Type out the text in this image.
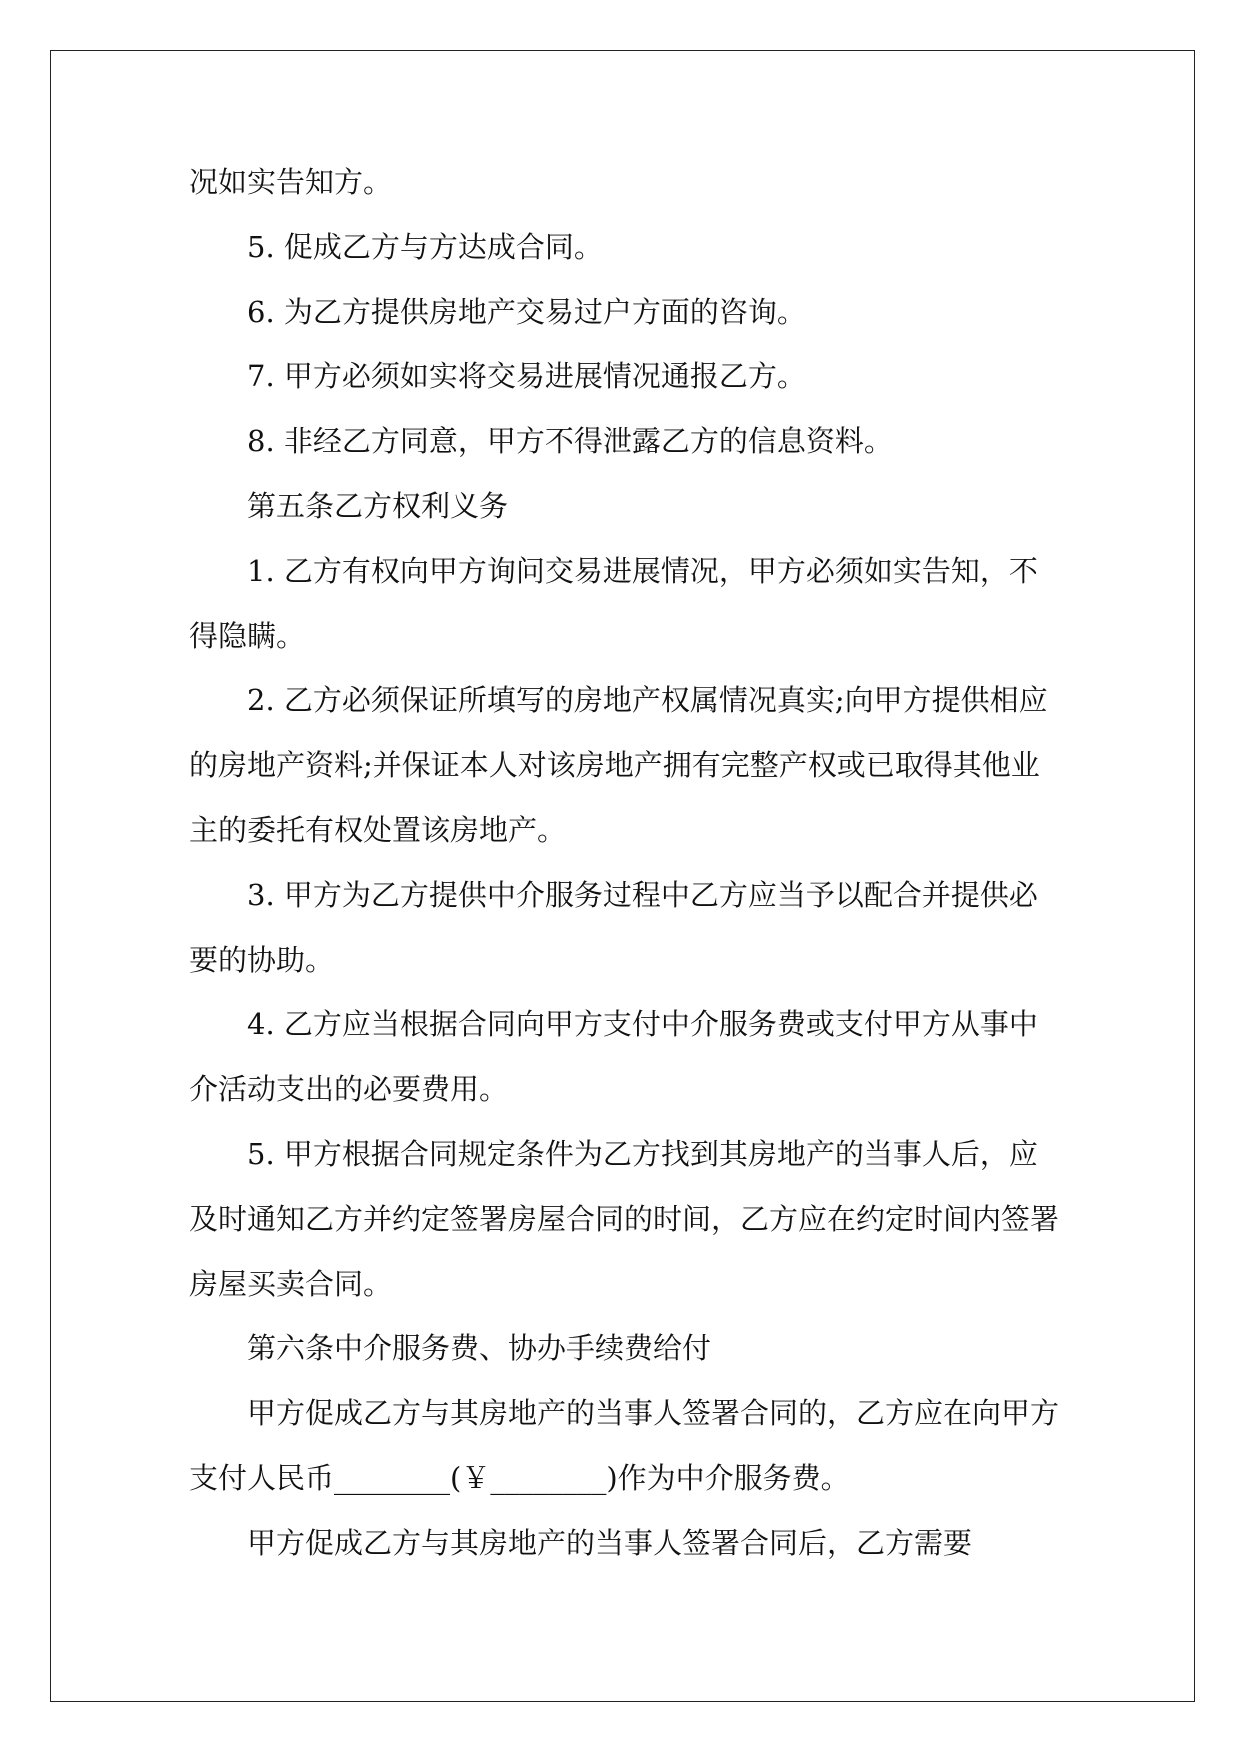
况如实告知方。

5. 促成乙方与方达成合同。

6. 为乙方提供房地产交易过户方面的咨询。

7. 甲方必须如实将交易进展情况通报乙方。

8. 非经乙方同意，甲方不得泄露乙方的信息资料。

第五条乙方权利义务

1. 乙方有权向甲方询问交易进展情况，甲方必须如实告知，不得隐瞒。

2. 乙方必须保证所填写的房地产权属情况真实;向甲方提供相应的房地产资料;并保证本人对该房地产拥有完整产权或已取得其他业主的委托有权处置该房地产。

3. 甲方为乙方提供中介服务过程中乙方应当予以配合并提供必要的协助。

4. 乙方应当根据合同向甲方支付中介服务费或支付甲方从事中介活动支出的必要费用。

5. 甲方根据合同规定条件为乙方找到其房地产的当事人后，应及时通知乙方并约定签署房屋合同的时间，乙方应在约定时间内签署房屋买卖合同。

第六条中介服务费、协办手续费给付

甲方促成乙方与其房地产的当事人签署合同的，乙方应在向甲方支付人民币________(￥________)作为中介服务费。

甲方促成乙方与其房地产的当事人签署合同后，乙方需要
